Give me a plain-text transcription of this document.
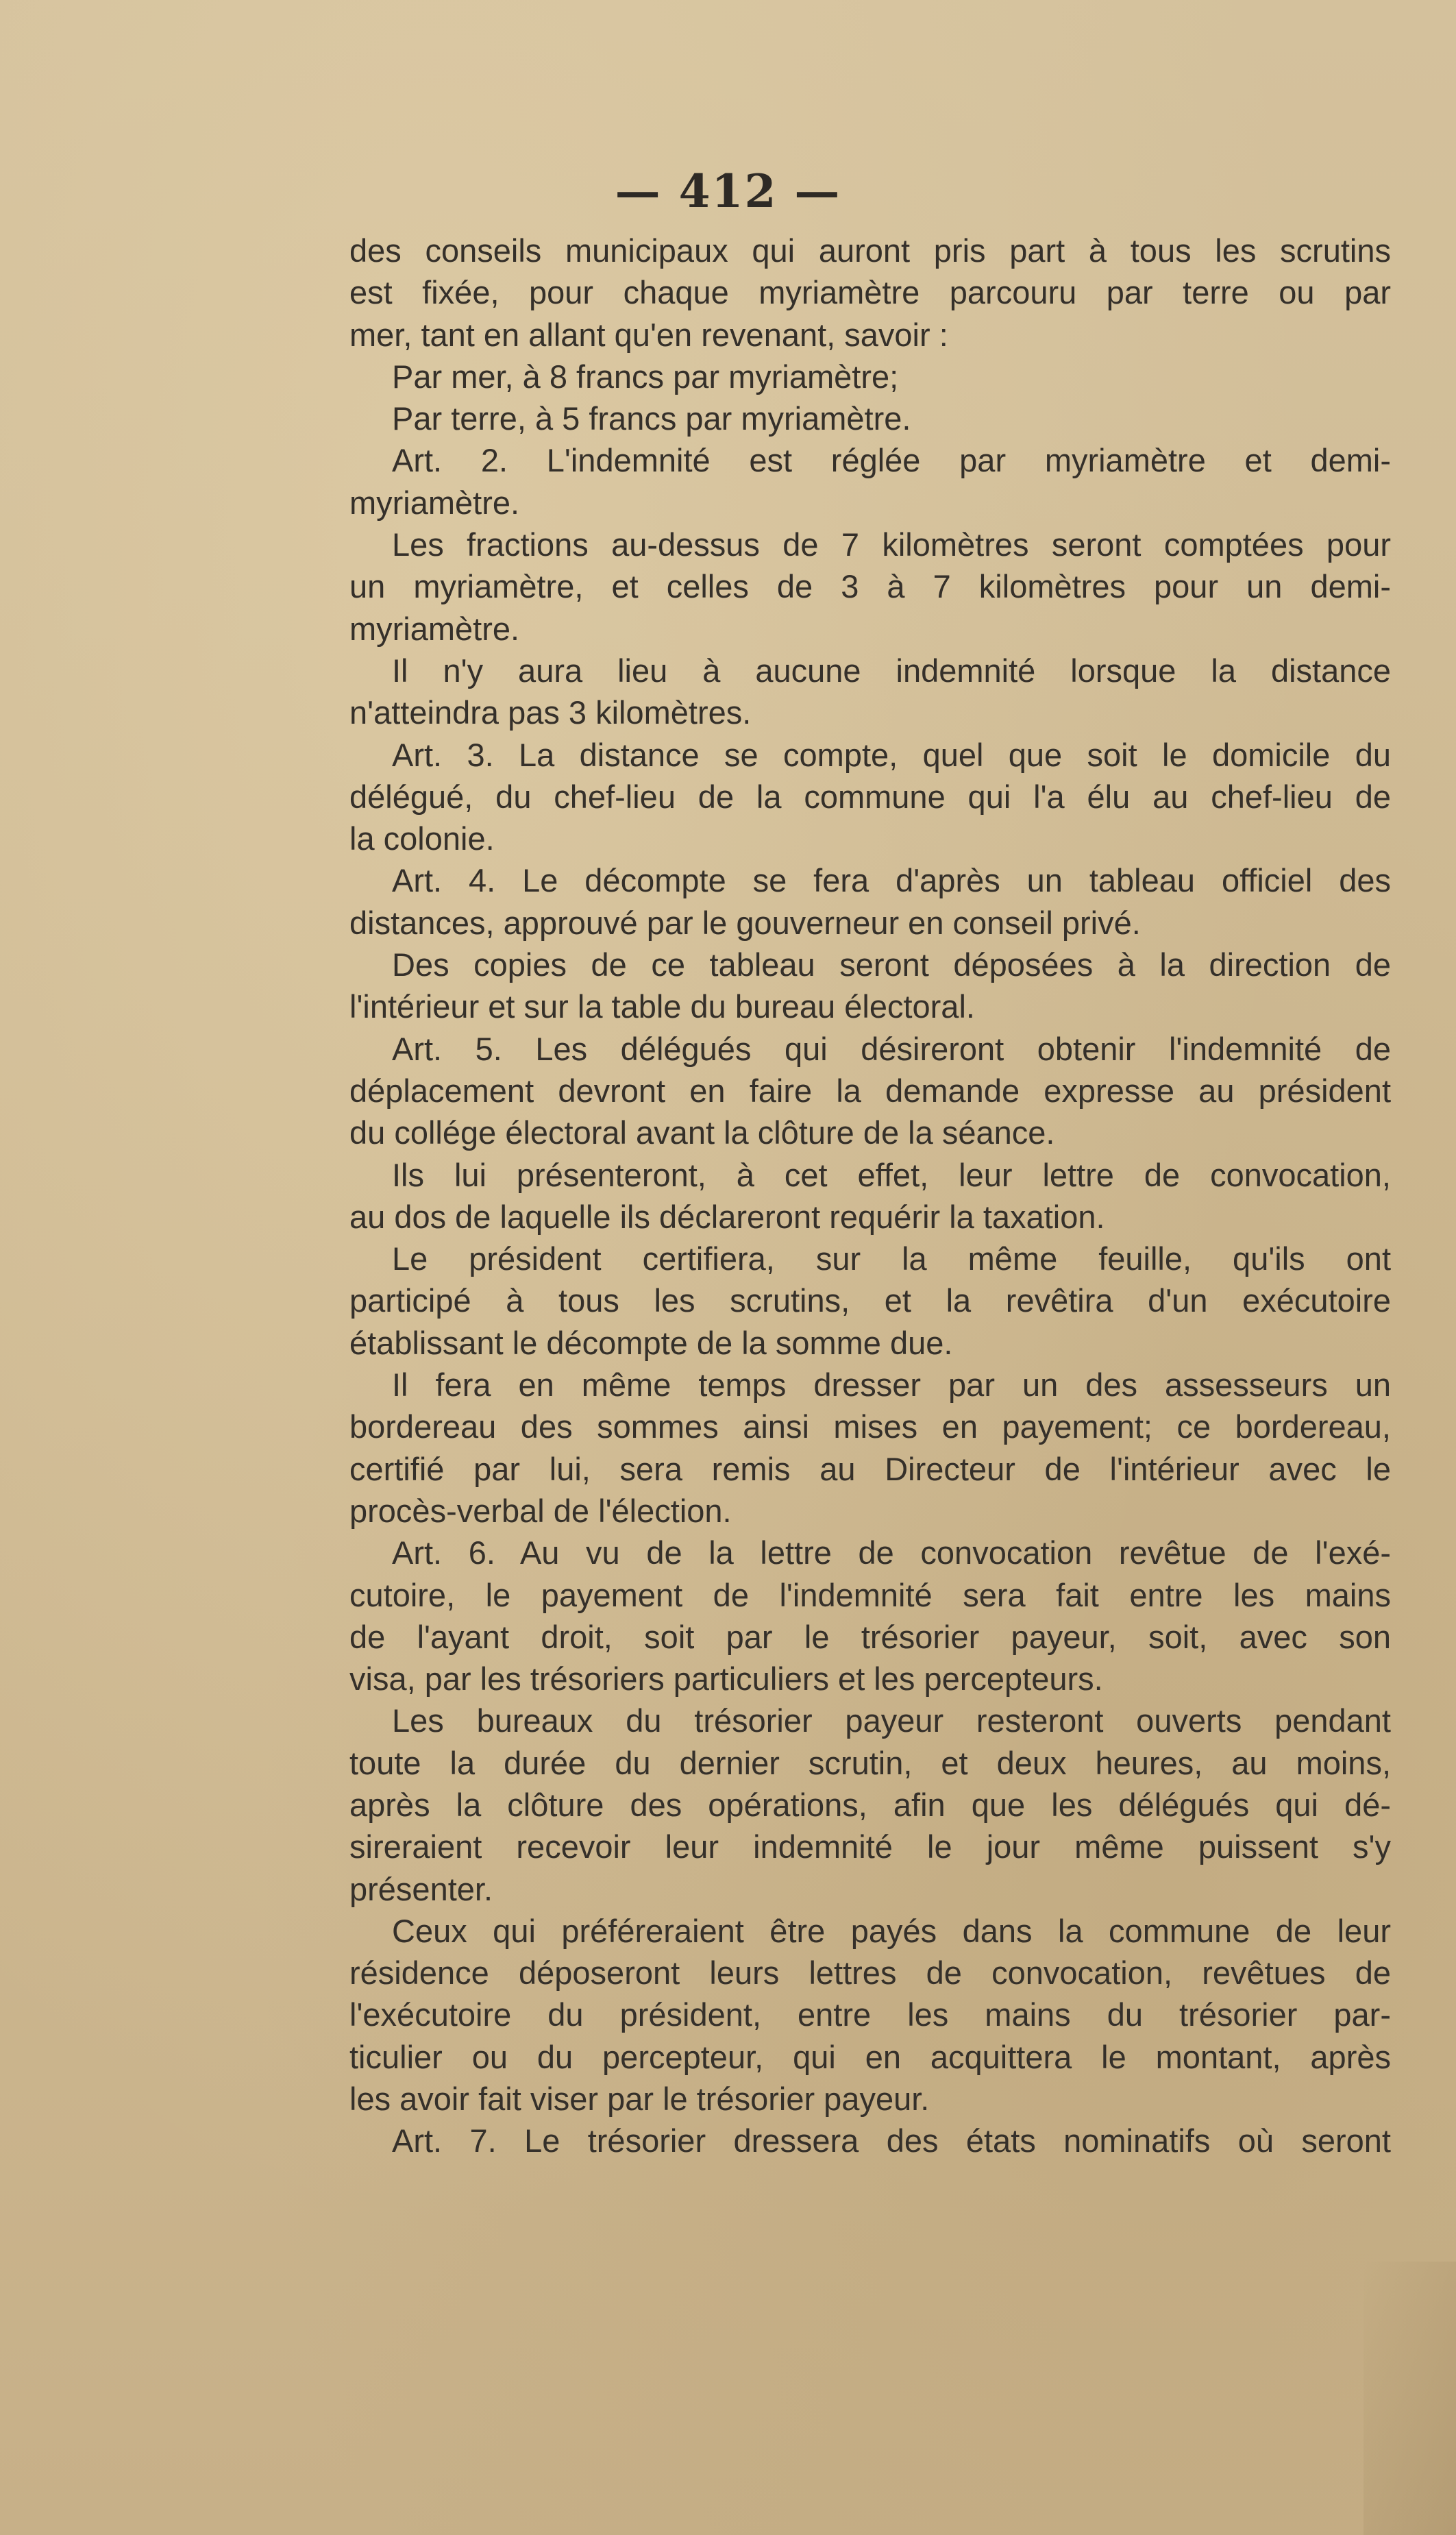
— 412 —
des conseils municipaux qui auront pris part à tous les scrutins
est fixée, pour chaque myriamètre parcouru par terre ou par
mer, tant en allant qu'en revenant, savoir :
Par mer, à 8 francs par myriamètre;
Par terre, à 5 francs par myriamètre.
Art. 2. L'indemnité est réglée par myriamètre et demi-
myriamètre.
Les fractions au-dessus de 7 kilomètres seront comptées pour
un myriamètre, et celles de 3 à 7 kilomètres pour un demi-
myriamètre.
Il n'y aura lieu à aucune indemnité lorsque la distance
n'atteindra pas 3 kilomètres.
Art. 3. La distance se compte, quel que soit le domicile du
délégué, du chef-lieu de la commune qui l'a élu au chef-lieu de
la colonie.
Art. 4. Le décompte se fera d'après un tableau officiel des
distances, approuvé par le gouverneur en conseil privé.
Des copies de ce tableau seront déposées à la direction de
l'intérieur et sur la table du bureau électoral.
Art. 5. Les délégués qui désireront obtenir l'indemnité de
déplacement devront en faire la demande expresse au président
du collége électoral avant la clôture de la séance.
Ils lui présenteront, à cet effet, leur lettre de convocation,
au dos de laquelle ils déclareront requérir la taxation.
Le président certifiera, sur la même feuille, qu'ils ont
participé à tous les scrutins, et la revêtira d'un exécutoire
établissant le décompte de la somme due.
Il fera en même temps dresser par un des assesseurs un
bordereau des sommes ainsi mises en payement; ce bordereau,
certifié par lui, sera remis au Directeur de l'intérieur avec le
procès-verbal de l'élection.
Art. 6. Au vu de la lettre de convocation revêtue de l'exé-
cutoire, le payement de l'indemnité sera fait entre les mains
de l'ayant droit, soit par le trésorier payeur, soit, avec son
visa, par les trésoriers particuliers et les percepteurs.
Les bureaux du trésorier payeur resteront ouverts pendant
toute la durée du dernier scrutin, et deux heures, au moins,
après la clôture des opérations, afin que les délégués qui dé-
sireraient recevoir leur indemnité le jour même puissent s'y
présenter.
Ceux qui préféreraient être payés dans la commune de leur
résidence déposeront leurs lettres de convocation, revêtues de
l'exécutoire du président, entre les mains du trésorier par-
ticulier ou du percepteur, qui en acquittera le montant, après
les avoir fait viser par le trésorier payeur.
Art. 7. Le trésorier dressera des états nominatifs où seront
